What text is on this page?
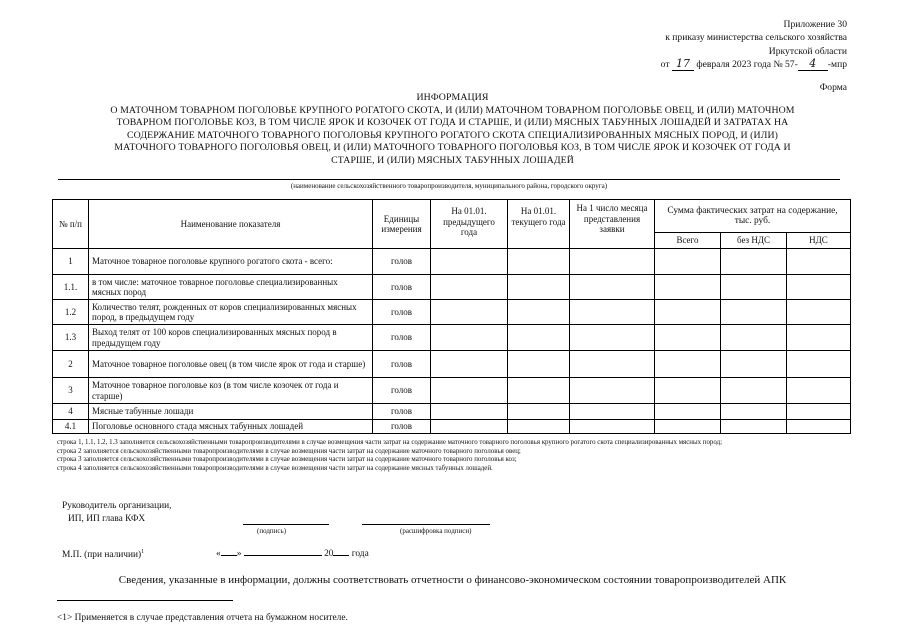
Приложение 30
к приказу министерства сельского хозяйства
Иркутской области
от 17 февраля 2023 года № 57- 4 -мпр
Форма
ИНФОРМАЦИЯ
О МАТОЧНОМ ТОВАРНОМ ПОГОЛОВЬЕ КРУПНОГО РОГАТОГО СКОТА, И (ИЛИ) МАТОЧНОМ ТОВАРНОМ ПОГОЛОВЬЕ ОВЕЦ, И (ИЛИ) МАТОЧНОМ
ТОВАРНОМ ПОГОЛОВЬЕ КОЗ, В ТОМ ЧИСЛЕ ЯРОК И КОЗОЧЕК ОТ ГОДА И СТАРШЕ, И (ИЛИ) МЯСНЫХ ТАБУННЫХ ЛОШАДЕЙ И ЗАТРАТАХ НА
СОДЕРЖАНИЕ МАТОЧНОГО ТОВАРНОГО ПОГОЛОВЬЯ КРУПНОГО РОГАТОГО СКОТА СПЕЦИАЛИЗИРОВАННЫХ МЯСНЫХ ПОРОД, И (ИЛИ)
МАТОЧНОГО ТОВАРНОГО ПОГОЛОВЬЯ ОВЕЦ, И (ИЛИ) МАТОЧНОГО ТОВАРНОГО ПОГОЛОВЬЯ КОЗ, В ТОМ ЧИСЛЕ ЯРОК И КОЗОЧЕК ОТ ГОДА И
СТАРШЕ, И (ИЛИ) МЯСНЫХ ТАБУННЫХ ЛОШАДЕЙ
(наименование сельскохозяйственного товаропроизводителя, муниципального района, городского округа)
№ п/п	Наименование показателя	Единицы измерения	На 01.01. предыдущего года	На 01.01. текущего года	На 1 число месяца представления заявки	Сумма фактических затрат на содержание, тыс. руб.		
						Всего	без НДС	НДС
1	Маточное товарное поголовье крупного рогатого скота - всего:	голов						
1.1.	в том числе: маточное товарное поголовье специализированных мясных пород	голов						
1.2	Количество телят, рожденных от коров специализированных мясных пород, в предыдущем году	голов						
1.3	Выход телят от 100 коров специализированных мясных пород в предыдущем году	голов						
2	Маточное товарное поголовье овец (в том числе ярок от года и старше)	голов						
3	Маточное товарное поголовье коз (в том числе козочек от года и старше)	голов						
4	Мясные табунные лошади	голов						
4.1	Поголовье основного стада мясных табунных лошадей	голов						
строка 1, 1.1, 1.2, 1.3 заполняется сельскохозяйственными товаропроизводителями в случае возмещения части затрат на содержание маточного товарного поголовья крупного рогатого скота специализированных мясных пород;
строка 2 заполняется сельскохозяйственными товаропроизводителями в случае возмещения части затрат на содержание маточного товарного поголовья овец;
строка 3 заполняется сельскохозяйственными товаропроизводителями в случае возмещения части затрат на содержание маточного товарного поголовья коз;
строка 4 заполняется сельскохозяйственными товаропроизводителями в случае возмещения части затрат на содержание мясных табунных лошадей.
Руководитель организации,
ИП, ИП глава КФХ
(подпись)	(расшифровка подписи)
М.П. (при наличии)$^1$	« »	20 года
Сведения, указанные в информации, должны соответствовать отчетности о финансово-экономическом состоянии товаропроизводителей АПК
<1> Применяется в случае представления отчета на бумажном носителе.
